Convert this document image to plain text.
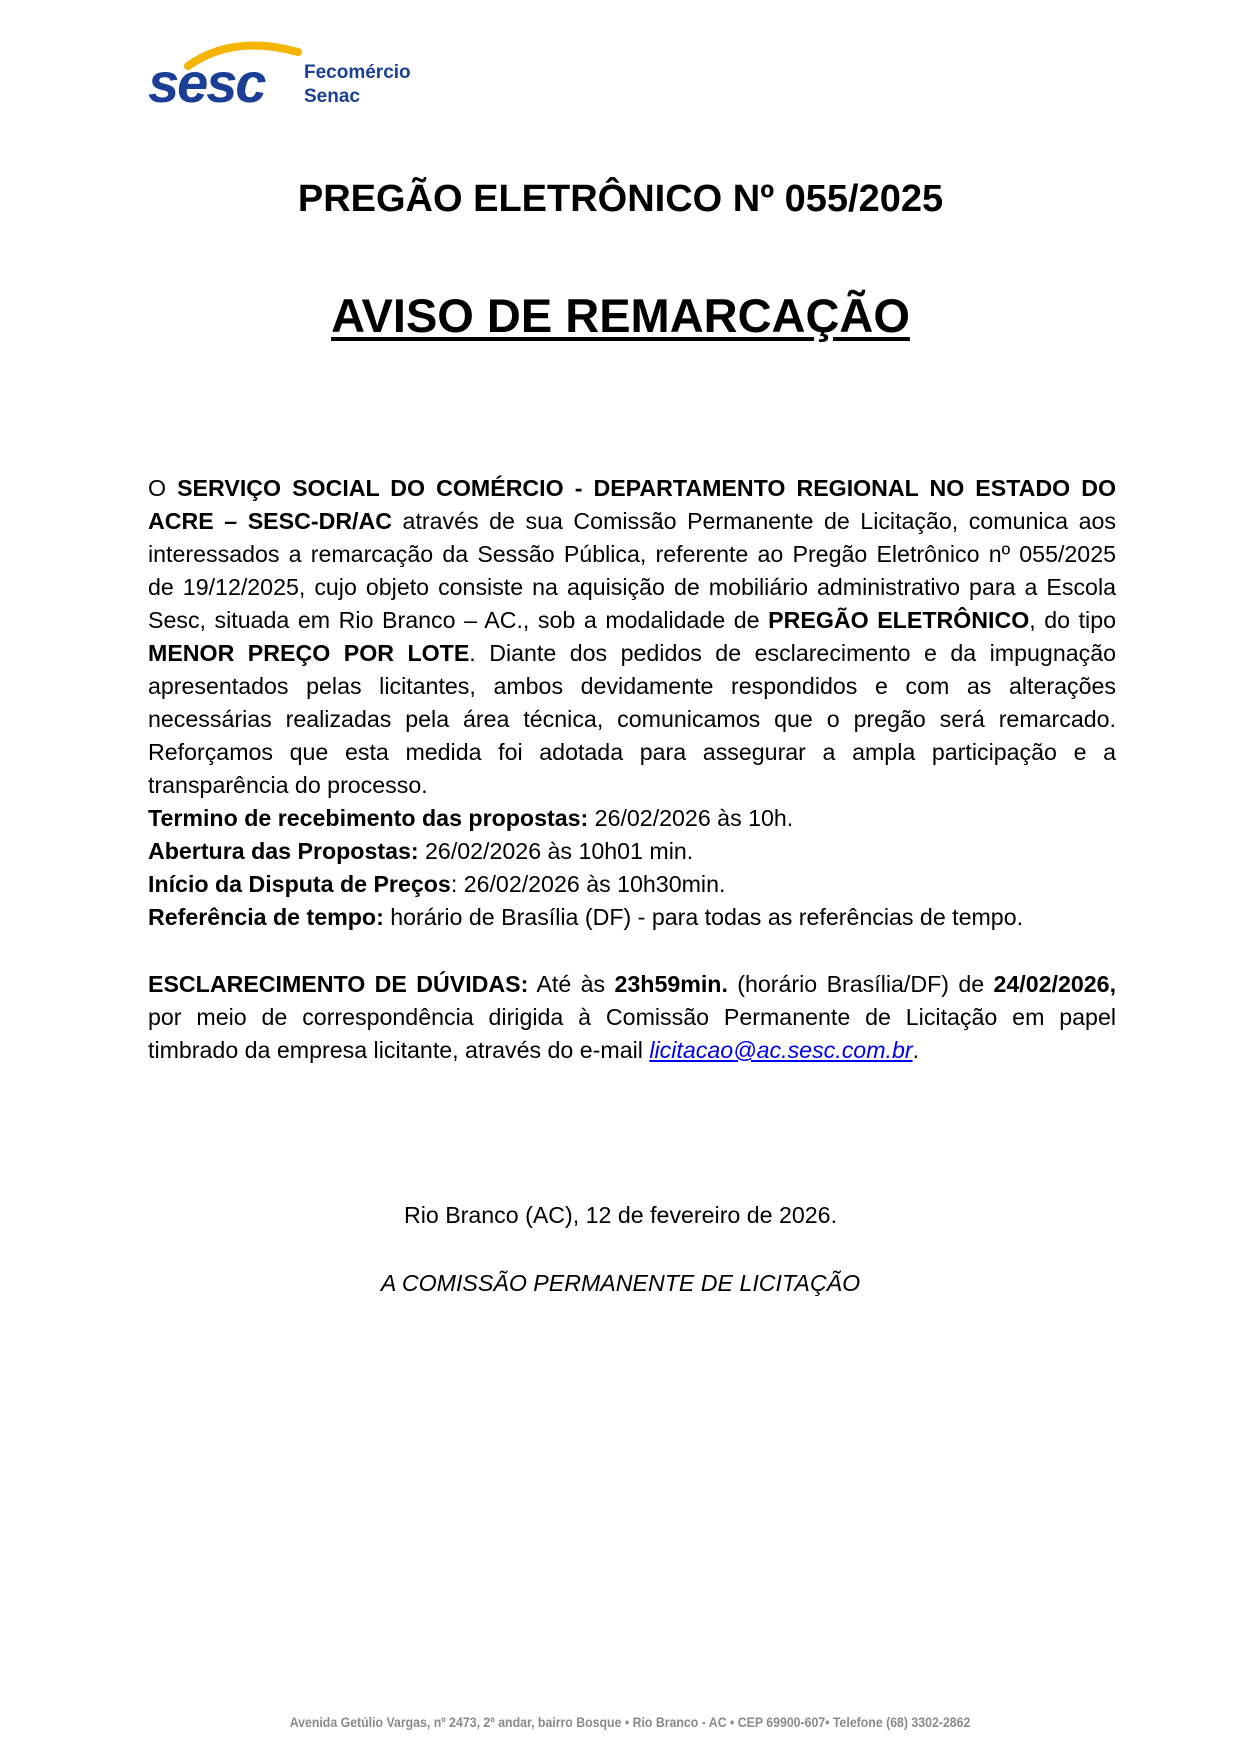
sesc Fecomércio
Senac
PREGÃO ELETRÔNICO Nº 055/2025
AVISO DE REMARCAÇÃO

O SERVIÇO SOCIAL DO COMÉRCIO - DEPARTAMENTO REGIONAL NO ESTADO DO ACRE – SESC-DR/AC através de sua Comissão Permanente de Licitação, comunica aos interessados a remarcação da Sessão Pública, referente ao Pregão Eletrônico nº 055/2025 de 19/12/2025, cujo objeto consiste na aquisição de mobiliário administrativo para a Escola Sesc, situada em Rio Branco – AC., sob a modalidade de PREGÃO ELETRÔNICO, do tipo MENOR PREÇO POR LOTE. Diante dos pedidos de esclarecimento e da impugnação apresentados pelas licitantes, ambos devidamente respondidos e com as alterações necessárias realizadas pela área técnica, comunicamos que o pregão será remarcado. Reforçamos que esta medida foi adotada para assegurar a ampla participação e a transparência do processo.

Termino de recebimento das propostas: 26/02/2026 às 10h.

Abertura das Propostas: 26/02/2026 às 10h01 min.

Início da Disputa de Preços: 26/02/2026 às 10h30min.

Referência de tempo: horário de Brasília (DF) - para todas as referências de tempo.

ESCLARECIMENTO DE DÚVIDAS: Até às 23h59min. (horário Brasília/DF) de 24/02/2026, por meio de correspondência dirigida à Comissão Permanente de Licitação em papel timbrado da empresa licitante, através do e-mail licitacao@ac.sesc.com.br.

Rio Branco (AC), 12 de fevereiro de 2026.

A COMISSÃO PERMANENTE DE LICITAÇÃO

Avenida Getúlio Vargas, nº 2473, 2º andar, bairro Bosque • Rio Branco - AC • CEP 69900-607• Telefone (68) 3302-2862
